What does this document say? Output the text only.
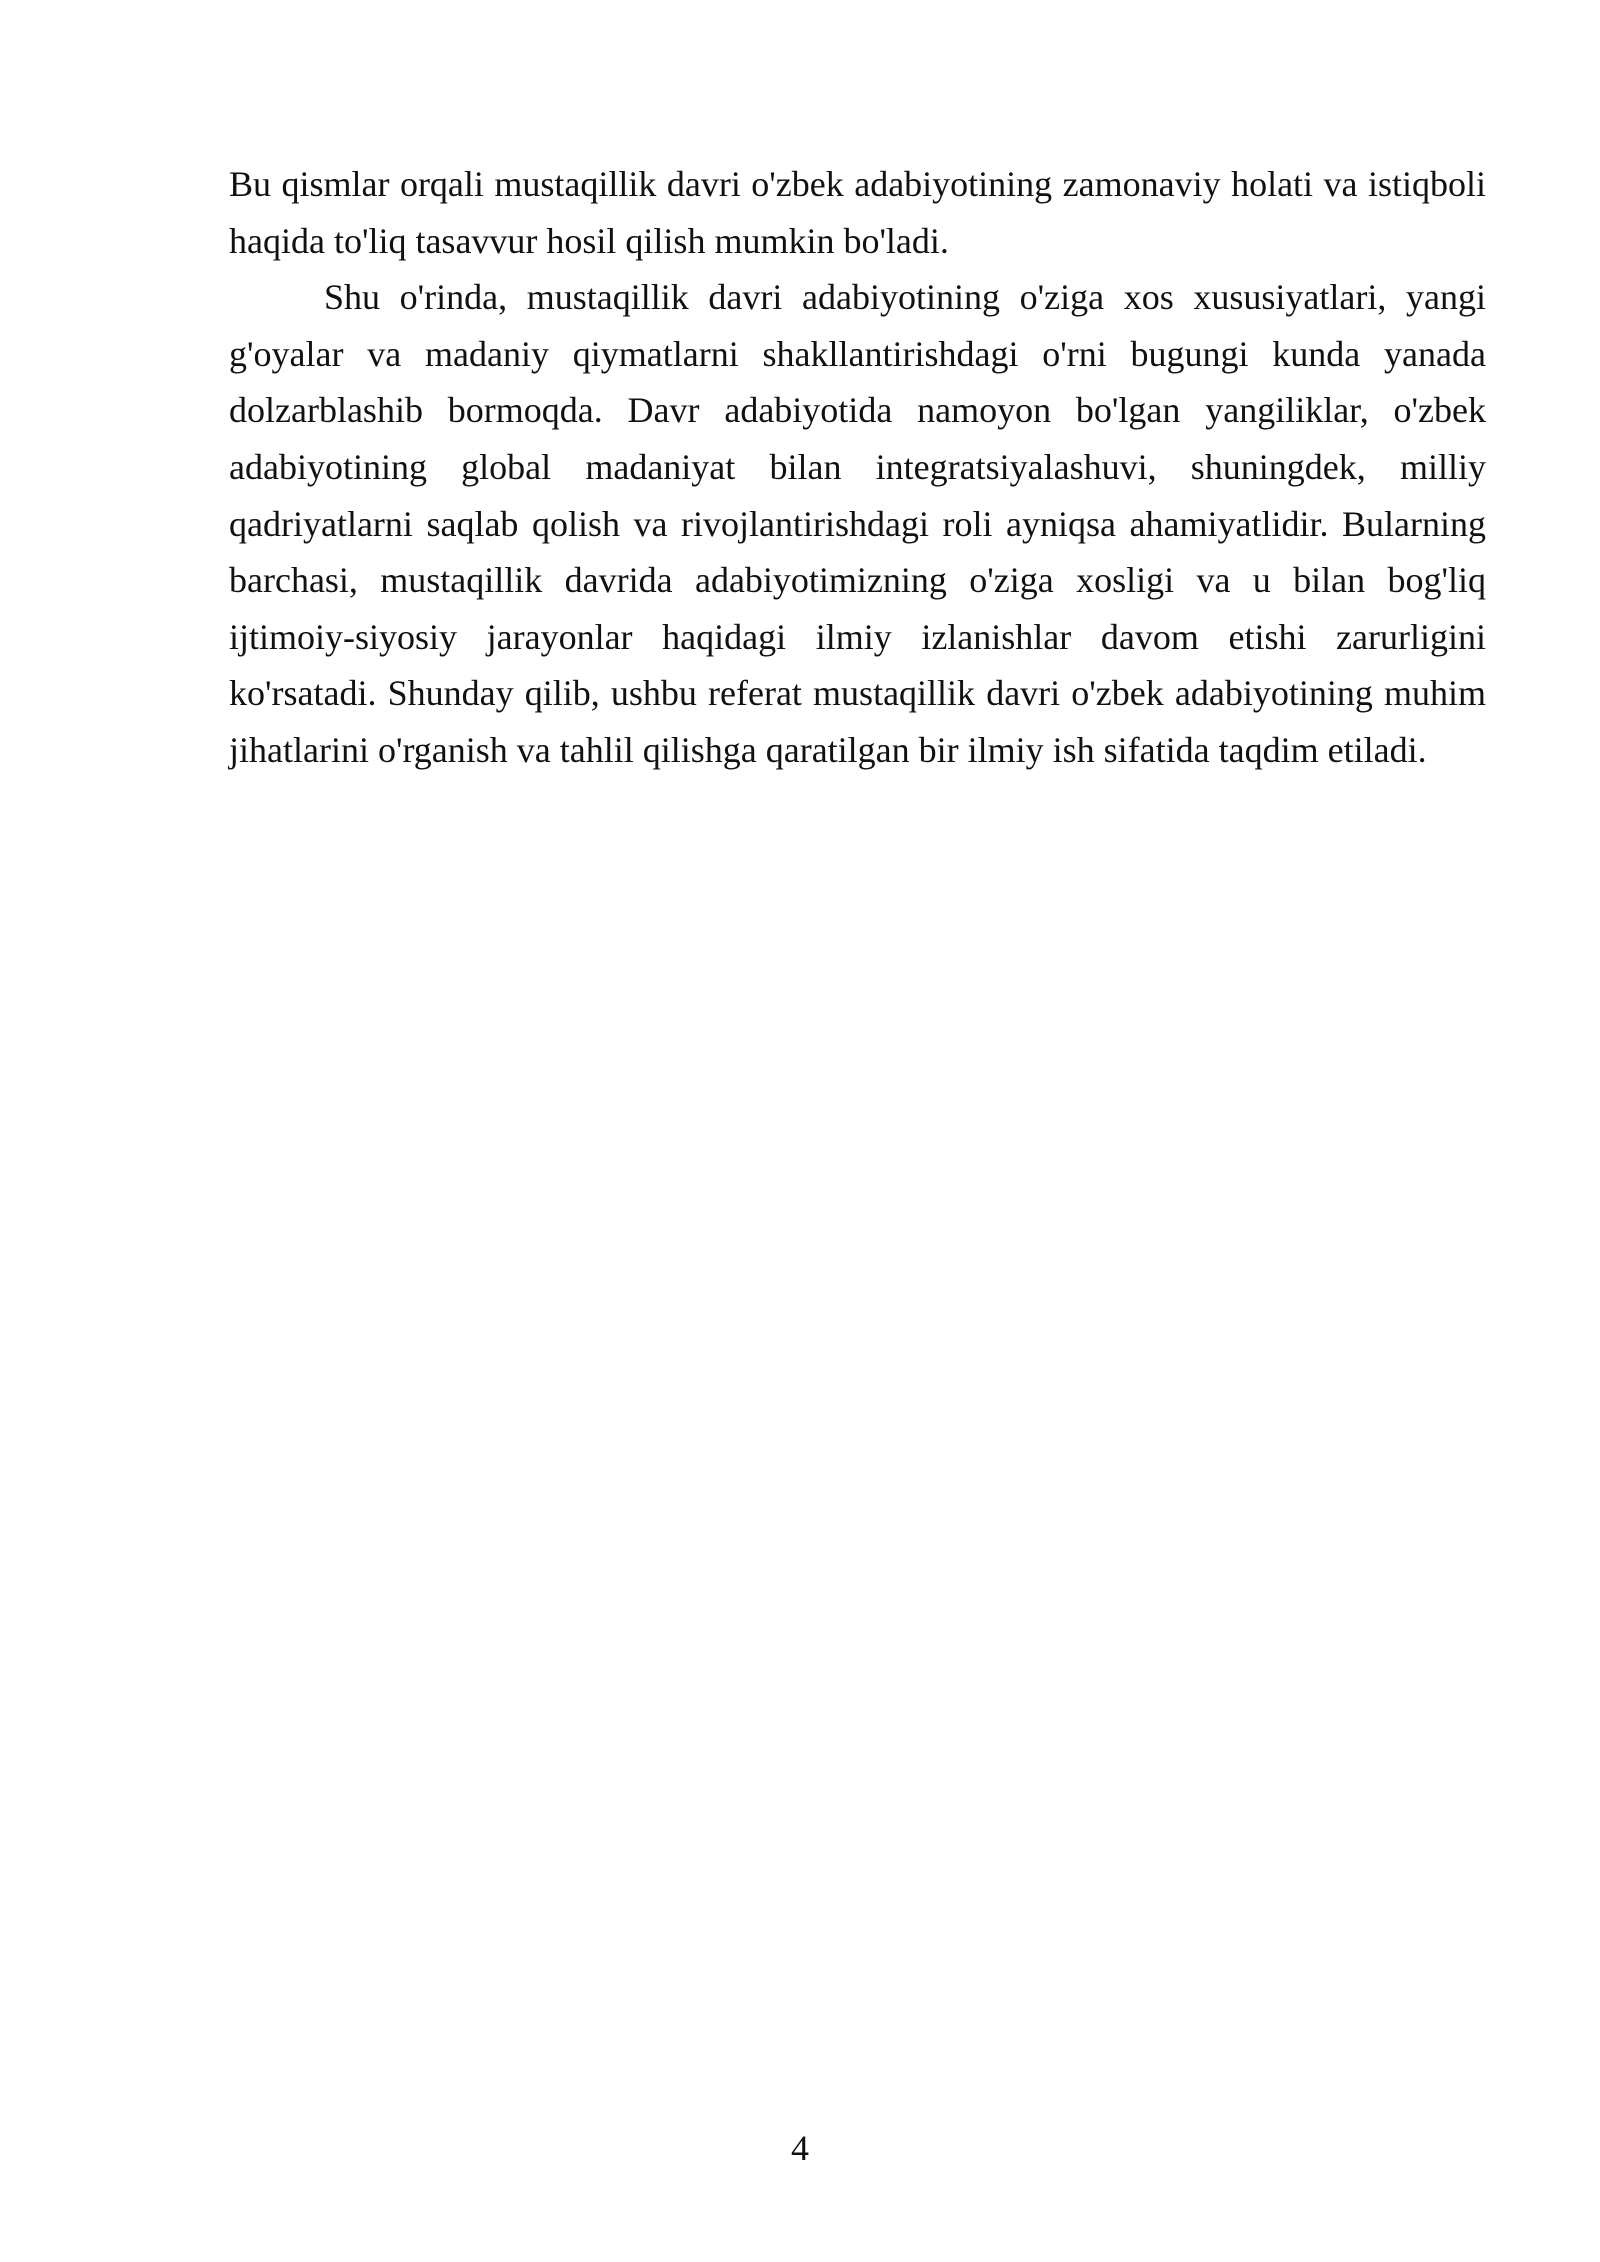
Bu qismlar orqali mustaqillik davri o'zbek adabiyotining zamonaviy holati va istiqboli haqida to'liq tasavvur hosil qilish mumkin bo'ladi.

Shu o'rinda, mustaqillik davri adabiyotining o'ziga xos xususiyatlari, yangi g'oyalar va madaniy qiymatlarni shakllantirishdagi o'rni bugungi kunda yanada dolzarblashib bormoqda. Davr adabiyotida namoyon bo'lgan yangiliklar, o'zbek adabiyotining global madaniyat bilan integratsiyalashuvi, shuningdek, milliy qadriyatlarni saqlab qolish va rivojlantirishdagi roli ayniqsa ahamiyatlidir. Bularning barchasi, mustaqillik davrida adabiyotimizning o'ziga xosligi va u bilan bog'liq ijtimoiy-siyosiy jarayonlar haqidagi ilmiy izlanishlar davom etishi zarurligini ko'rsatadi. Shunday qilib, ushbu referat mustaqillik davri o'zbek adabiyotining muhim jihatlarini o'rganish va tahlil qilishga qaratilgan bir ilmiy ish sifatida taqdim etiladi.

4
